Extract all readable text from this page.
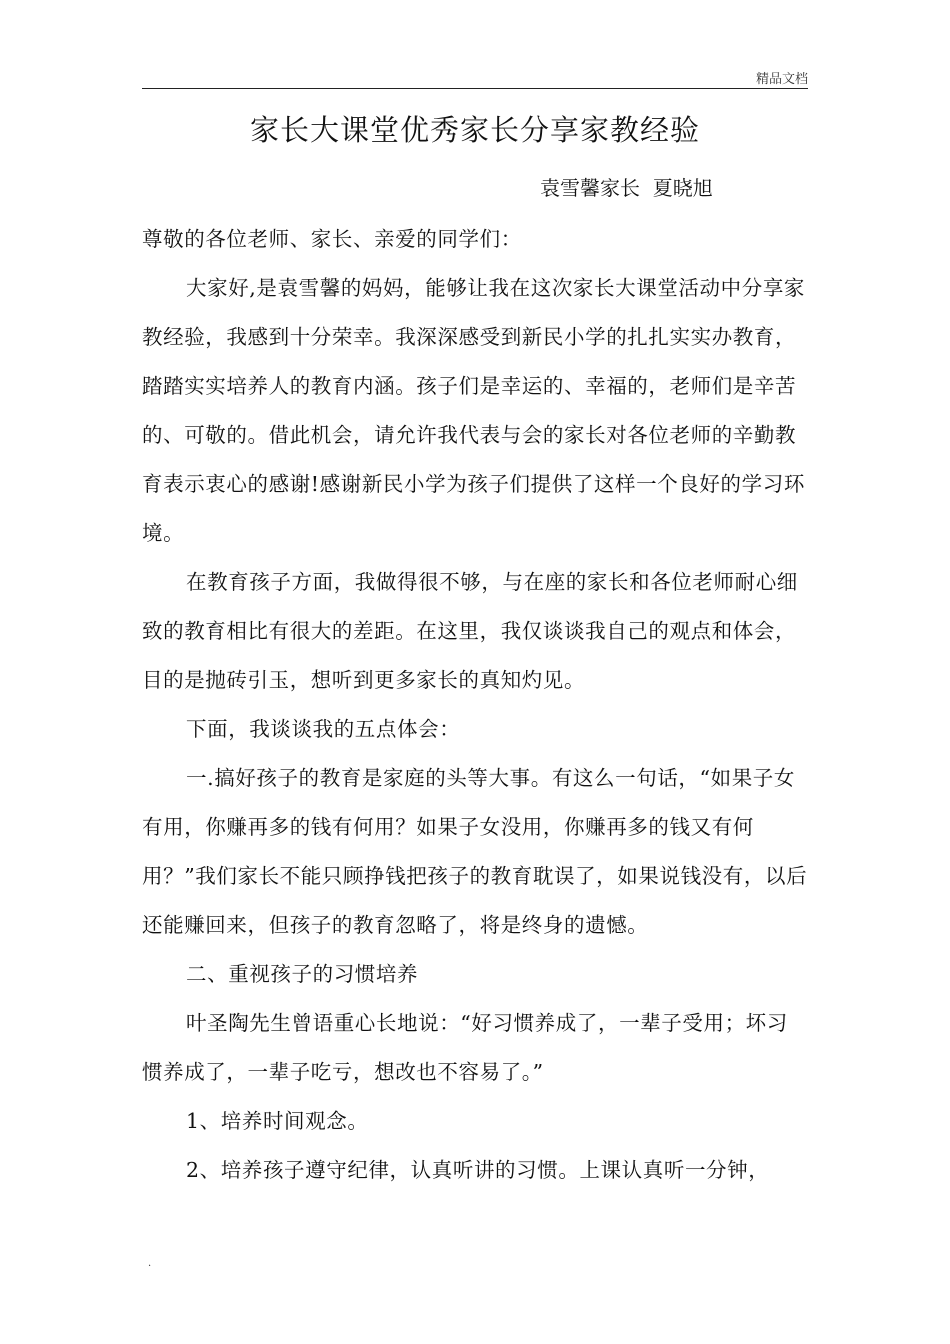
精品文档
家长大课堂优秀家长分享家教经验
袁雪馨家长  夏晓旭

尊敬的各位老师、家长、亲爱的同学们：

大家好,是袁雪馨的妈妈，能够让我在这次家长大课堂活动中分享家教经验，我感到十分荣幸。我深深感受到新民小学的扎扎实实办教育，踏踏实实培养人的教育内涵。孩子们是幸运的、幸福的，老师们是辛苦的、可敬的。借此机会，请允许我代表与会的家长对各位老师的辛勤教育表示衷心的感谢!感谢新民小学为孩子们提供了这样一个良好的学习环境。

在教育孩子方面，我做得很不够，与在座的家长和各位老师耐心细致的教育相比有很大的差距。在这里，我仅谈谈我自己的观点和体会，目的是抛砖引玉，想听到更多家长的真知灼见。

下面，我谈谈我的五点体会：

一.搞好孩子的教育是家庭的头等大事。有这么一句话，“如果子女有用，你赚再多的钱有何用？如果子女没用，你赚再多的钱又有何用？”我们家长不能只顾挣钱把孩子的教育耽误了，如果说钱没有，以后还能赚回来，但孩子的教育忽略了，将是终身的遗憾。

二、重视孩子的习惯培养

叶圣陶先生曾语重心长地说：“好习惯养成了，一辈子受用；坏习惯养成了，一辈子吃亏，想改也不容易了。”

1、培养时间观念。

2、培养孩子遵守纪律，认真听讲的习惯。上课认真听一分钟，

.
